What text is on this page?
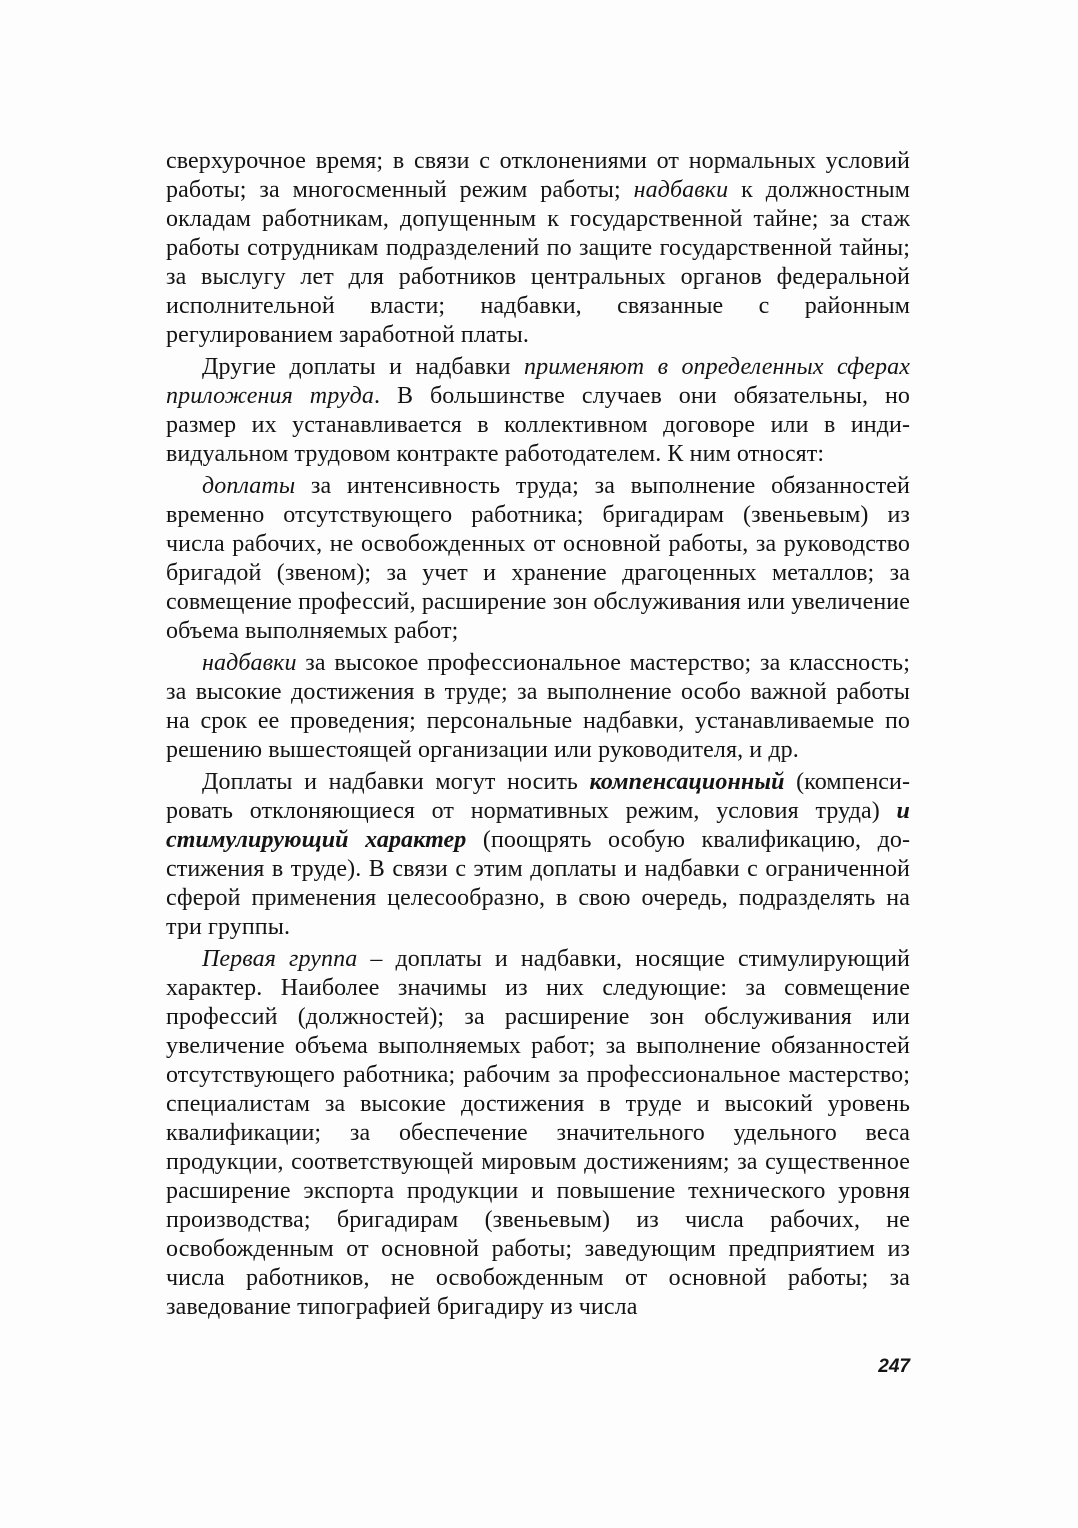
сверхурочное время; в связи с отклонениями от нормальных условий работы; за многосменный режим работы; надбавки к должностным окладам работникам, допущенным к государственной тайне; за стаж работы сотрудникам подразделений по защите государственной тайны; за выслугу лет для работников центральных органов федеральной исполнительной власти; надбавки, связанные с районным регулированием заработной платы.

Другие доплаты и надбавки применяют в определенных сферах приложения труда. В большинстве случаев они обязательны, но размер их устанавливается в коллективном договоре или в индивидуальном трудовом контракте работодателем. К ним относят:

доплаты за интенсивность труда; за выполнение обязанностей временно отсутствующего работника; бригадирам (звеньевым) из числа рабочих, не освобожденных от основной работы, за руководство бригадой (звеном); за учет и хранение драгоценных металлов; за совмещение профессий, расширение зон обслуживания или увеличение объема выполняемых работ;

надбавки за высокое профессиональное мастерство; за классность; за высокие достижения в труде; за выполнение особо важной работы на срок ее проведения; персональные надбавки, устанавливаемые по решению вышестоящей организации или руководителя, и др.

Доплаты и надбавки могут носить компенсационный (компенсировать отклоняющиеся от нормативных режим, условия труда) и стимулирующий характер (поощрять особую квалификацию, достижения в труде). В связи с этим доплаты и надбавки с ограниченной сферой применения целесообразно, в свою очередь, подразделять на три группы.

Первая группа – доплаты и надбавки, носящие стимулирующий характер. Наиболее значимы из них следующие: за совмещение профессий (должностей); за расширение зон обслуживания или увеличение объема выполняемых работ; за выполнение обязанностей отсутствующего работника; рабочим за профессиональное мастерство; специалистам за высокие достижения в труде и высокий уровень квалификации; за обеспечение значительного удельного веса продукции, соответствующей мировым достижениям; за существенное расширение экспорта продукции и повышение технического уровня производства; бригадирам (звеньевым) из числа рабочих, не освобожденным от основной работы; заведующим предприятием из числа работников, не освобожденным от основной работы; за заведование типографией бригадиру из числа

247
